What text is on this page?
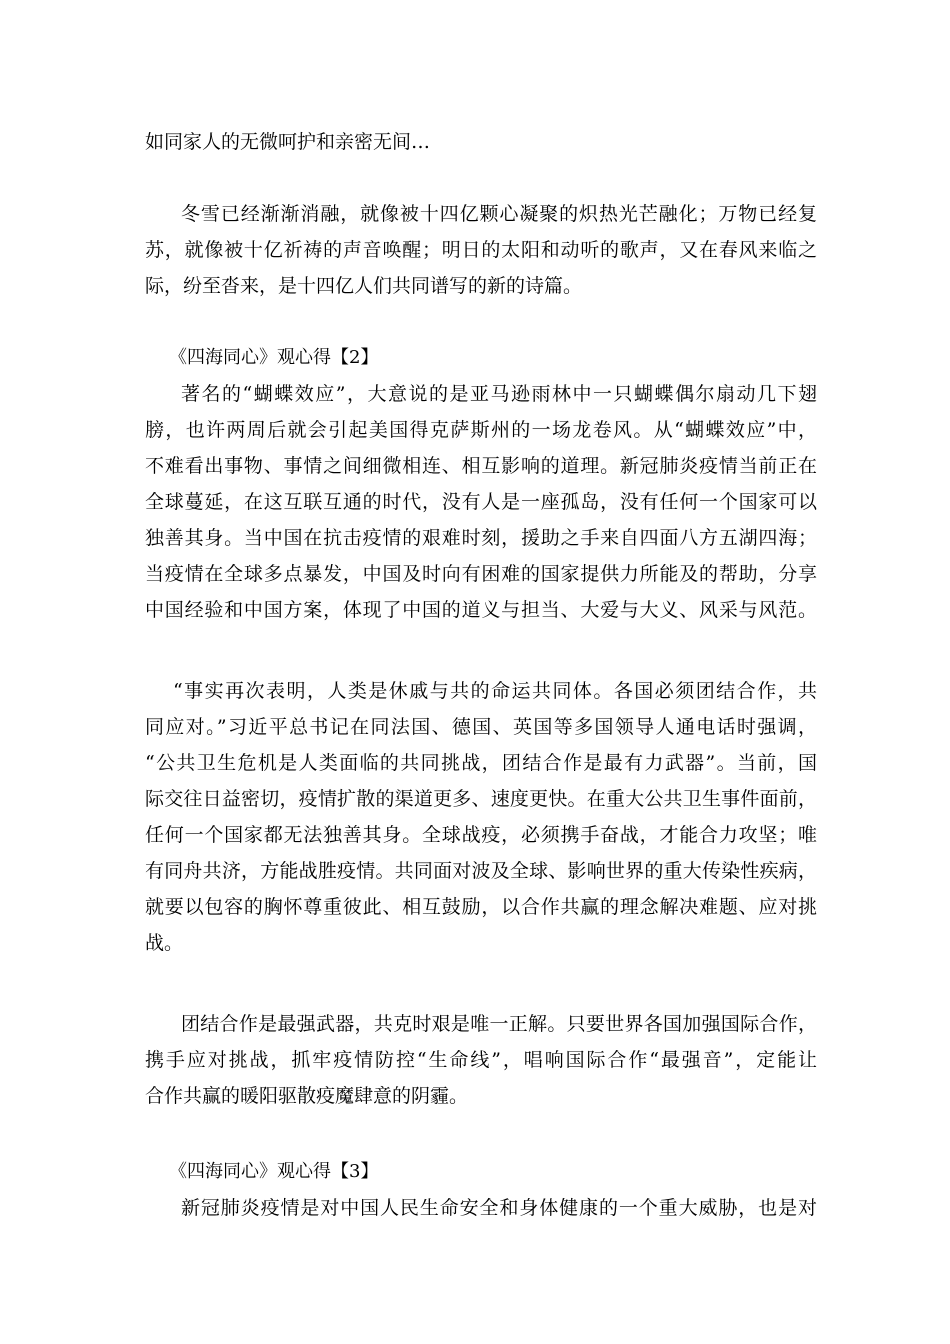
如同家人的无微呵护和亲密无间…
冬雪已经渐渐消融，就像被十四亿颗心凝聚的炽热光芒融化；万物已经复
苏，就像被十亿祈祷的声音唤醒；明日的太阳和动听的歌声，又在春风来临之
际，纷至沓来，是十四亿人们共同谱写的新的诗篇。
《四海同心》观心得【2】
著名的“蝴蝶效应”，大意说的是亚马逊雨林中一只蝴蝶偶尔扇动几下翅
膀，也许两周后就会引起美国得克萨斯州的一场龙卷风。从“蝴蝶效应”中，
不难看出事物、事情之间细微相连、相互影响的道理。新冠肺炎疫情当前正在
全球蔓延，在这互联互通的时代，没有人是一座孤岛，没有任何一个国家可以
独善其身。当中国在抗击疫情的艰难时刻，援助之手来自四面八方五湖四海；
当疫情在全球多点暴发，中国及时向有困难的国家提供力所能及的帮助，分享
中国经验和中国方案，体现了中国的道义与担当、大爱与大义、风采与风范。
“事实再次表明，人类是休戚与共的命运共同体。各国必须团结合作，共
同应对。”习近平总书记在同法国、德国、英国等多国领导人通电话时强调，
“公共卫生危机是人类面临的共同挑战，团结合作是最有力武器”。当前，国
际交往日益密切，疫情扩散的渠道更多、速度更快。在重大公共卫生事件面前，
任何一个国家都无法独善其身。全球战疫，必须携手奋战，才能合力攻坚；唯
有同舟共济，方能战胜疫情。共同面对波及全球、影响世界的重大传染性疾病，
就要以包容的胸怀尊重彼此、相互鼓励，以合作共赢的理念解决难题、应对挑
战。
团结合作是最强武器，共克时艰是唯一正解。只要世界各国加强国际合作，
携手应对挑战，抓牢疫情防控“生命线”，唱响国际合作“最强音”，定能让
合作共赢的暖阳驱散疫魔肆意的阴霾。
《四海同心》观心得【3】
新冠肺炎疫情是对中国人民生命安全和身体健康的一个重大威胁，也是对
